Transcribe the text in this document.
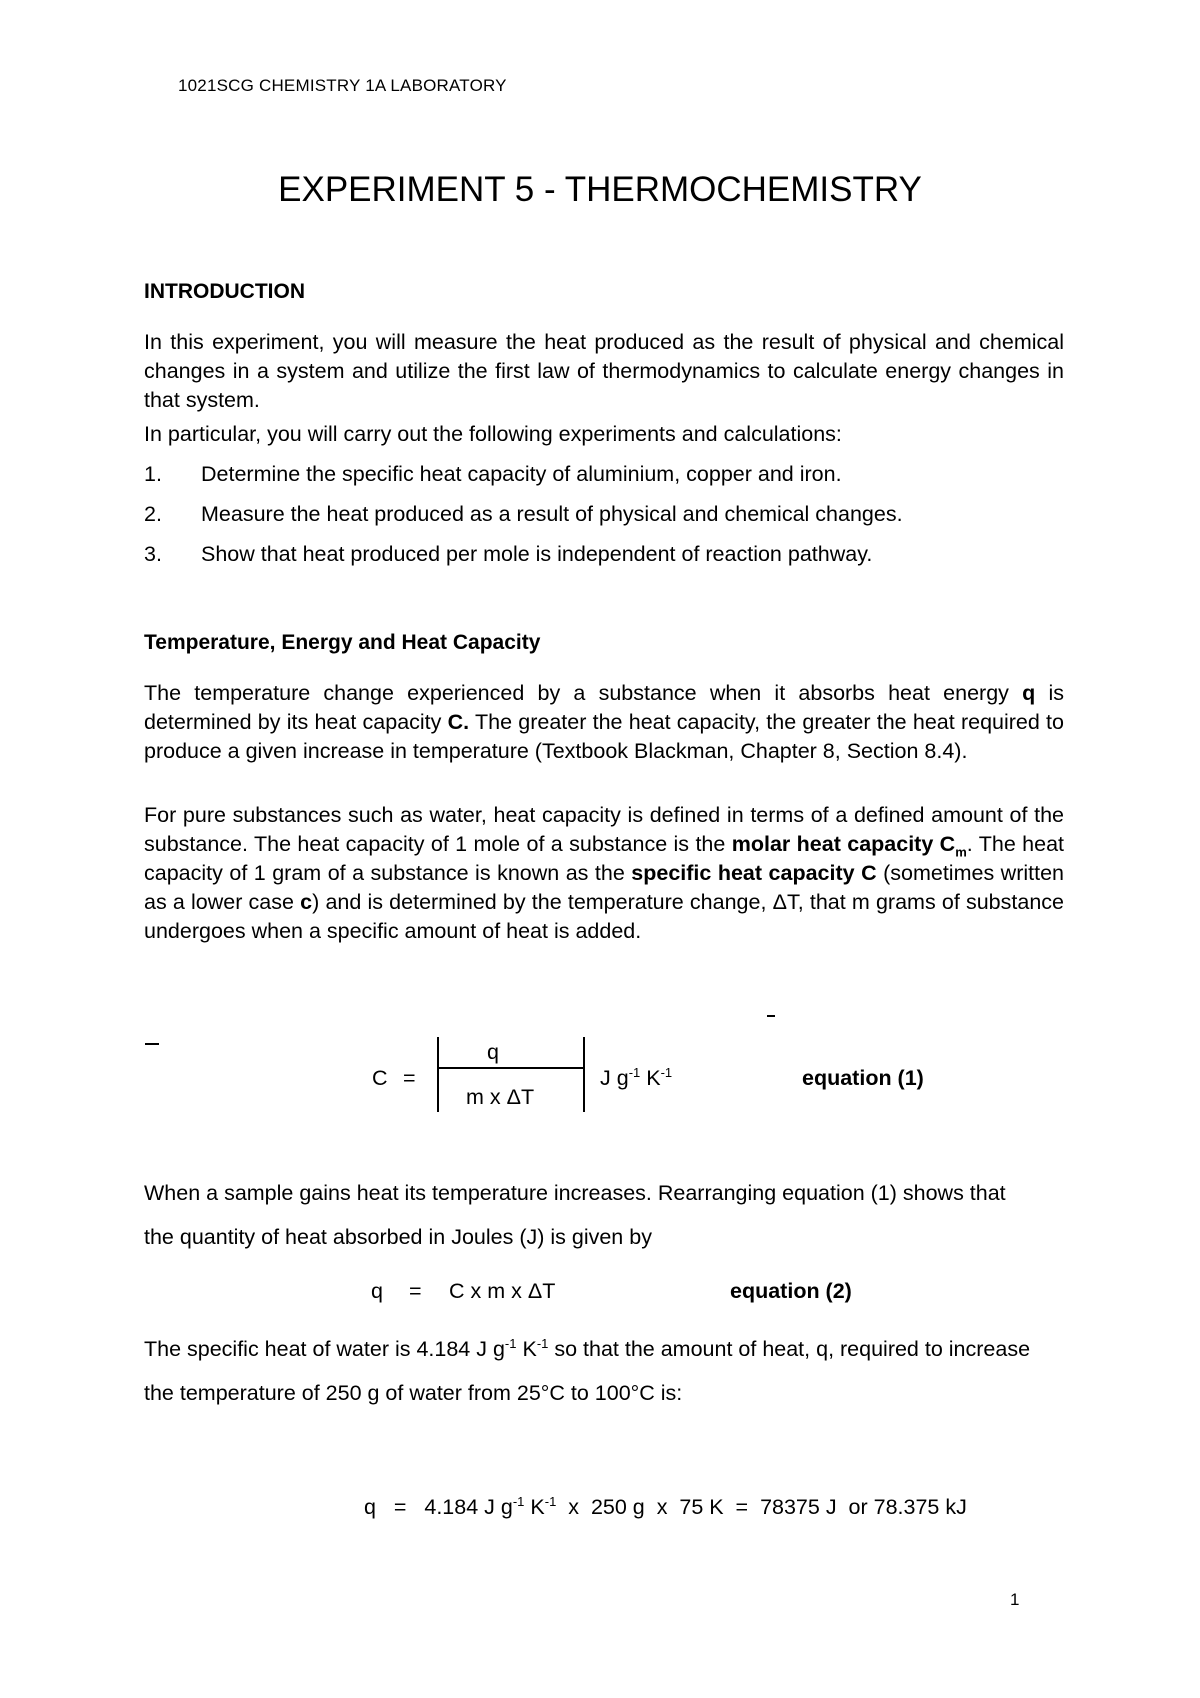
1021SCG CHEMISTRY 1A LABORATORY
EXPERIMENT 5 - THERMOCHEMISTRY
INTRODUCTION
In this experiment, you will measure the heat produced as the result of physical and chemical changes in a system and utilize the first law of thermodynamics to calculate energy changes in that system.
In particular, you will carry out the following experiments and calculations:
1. Determine the specific heat capacity of aluminium, copper and iron.
2. Measure the heat produced as a result of physical and chemical changes.
3. Show that heat produced per mole is independent of reaction pathway.
Temperature, Energy and Heat Capacity
The temperature change experienced by a substance when it absorbs heat energy q is determined by its heat capacity C. The greater the heat capacity, the greater the heat required to produce a given increase in temperature (Textbook Blackman, Chapter 8, Section 8.4).
For pure substances such as water, heat capacity is defined in terms of a defined amount of the substance. The heat capacity of 1 mole of a substance is the molar heat capacity $C_m$. The heat capacity of 1 gram of a substance is known as the specific heat capacity C (sometimes written as a lower case c) and is determined by the temperature change, ΔT, that m grams of substance undergoes when a specific amount of heat is added.
C =
q
m x ΔT
J $g^{-1}$ $K^{-1}$	equation (1)
When a sample gains heat its temperature increases. Rearranging equation (1) shows that
the quantity of heat absorbed in Joules (J) is given by
q = C x m x ΔT	equation (2)
The specific heat of water is 4.184 J $g^{-1}$ $K^{-1}$ so that the amount of heat, q, required to increase
the temperature of 250 g of water from 25°C to 100°C is:
q = 4.184 J $g^{-1}$ $K^{-1}$  x  250 g  x  75 K  =  78375 J  or 78.375 kJ
1
